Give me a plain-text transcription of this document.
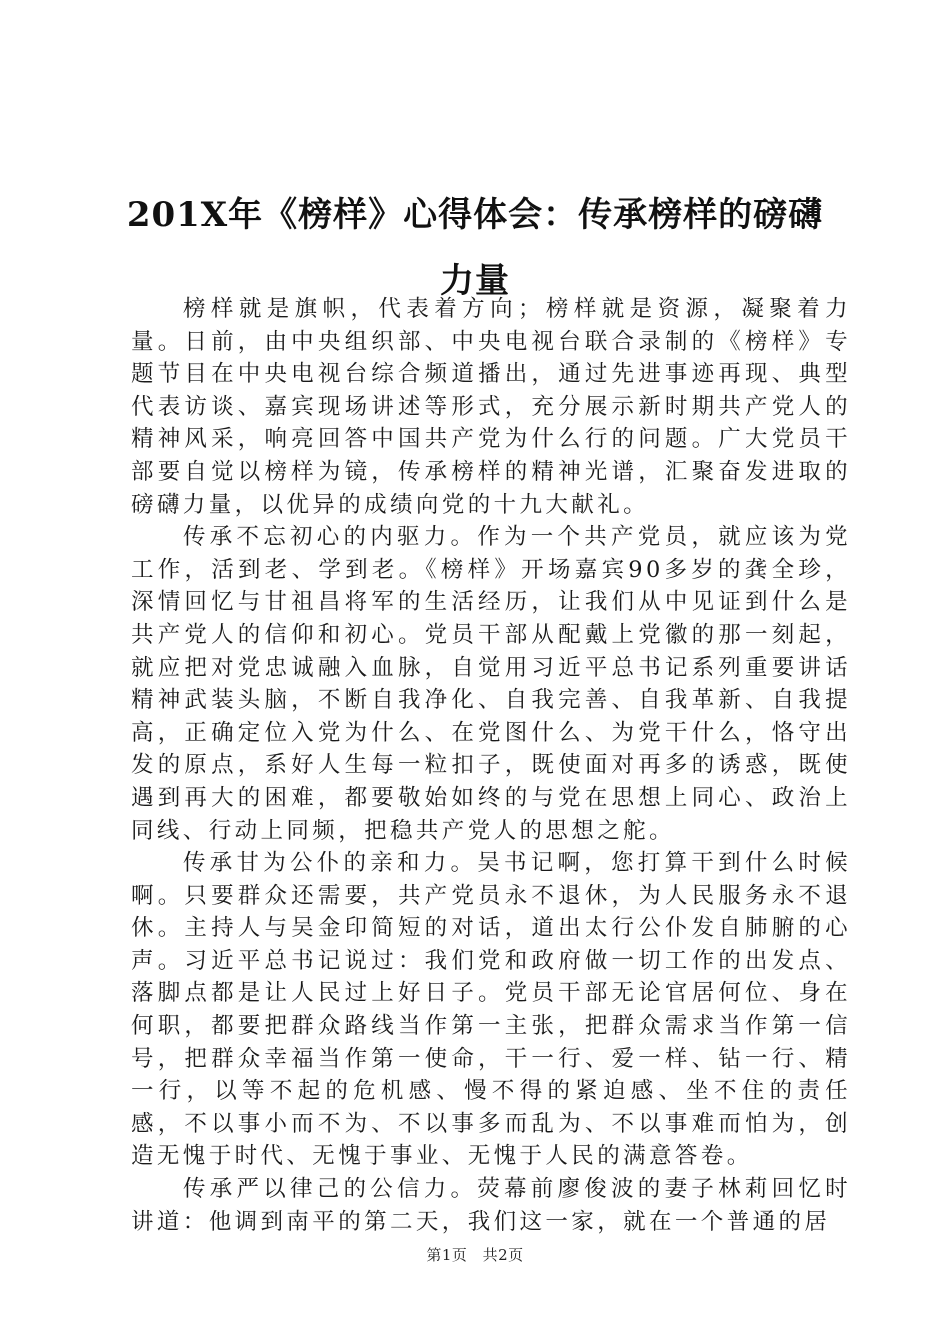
201X年《榜样》心得体会：传承榜样的磅礴
力量

榜样就是旗帜，代表着方向；榜样就是资源，凝聚着力量。日前，由中央组织部、中央电视台联合录制的《榜样》专题节目在中央电视台综合频道播出，通过先进事迹再现、典型代表访谈、嘉宾现场讲述等形式，充分展示新时期共产党人的精神风采，响亮回答中国共产党为什么行的问题。广大党员干部要自觉以榜样为镜，传承榜样的精神光谱，汇聚奋发进取的磅礴力量，以优异的成绩向党的十九大献礼。

传承不忘初心的内驱力。作为一个共产党员，就应该为党工作，活到老、学到老。《榜样》开场嘉宾90多岁的龚全珍，深情回忆与甘祖昌将军的生活经历，让我们从中见证到什么是共产党人的信仰和初心。党员干部从配戴上党徽的那一刻起，就应把对党忠诚融入血脉，自觉用习近平总书记系列重要讲话精神武装头脑，不断自我净化、自我完善、自我革新、自我提高，正确定位入党为什么、在党图什么、为党干什么，恪守出发的原点，系好人生每一粒扣子，既使面对再多的诱惑，既使遇到再大的困难，都要敬始如终的与党在思想上同心、政治上同线、行动上同频，把稳共产党人的思想之舵。

传承甘为公仆的亲和力。吴书记啊，您打算干到什么时候啊。只要群众还需要，共产党员永不退休，为人民服务永不退休。主持人与吴金印简短的对话，道出太行公仆发自肺腑的心声。习近平总书记说过：我们党和政府做一切工作的出发点、落脚点都是让人民过上好日子。党员干部无论官居何位、身在何职，都要把群众路线当作第一主张，把群众需求当作第一信号，把群众幸福当作第一使命，干一行、爱一样、钻一行、精一行，以等不起的危机感、慢不得的紧迫感、坐不住的责任感，不以事小而不为、不以事多而乱为、不以事难而怕为，创造无愧于时代、无愧于事业、无愧于人民的满意答卷。

传承严以律己的公信力。荧幕前廖俊波的妻子林莉回忆时讲道：他调到南平的第二天，我们这一家，就在一个普通的居

第1页 共2页
